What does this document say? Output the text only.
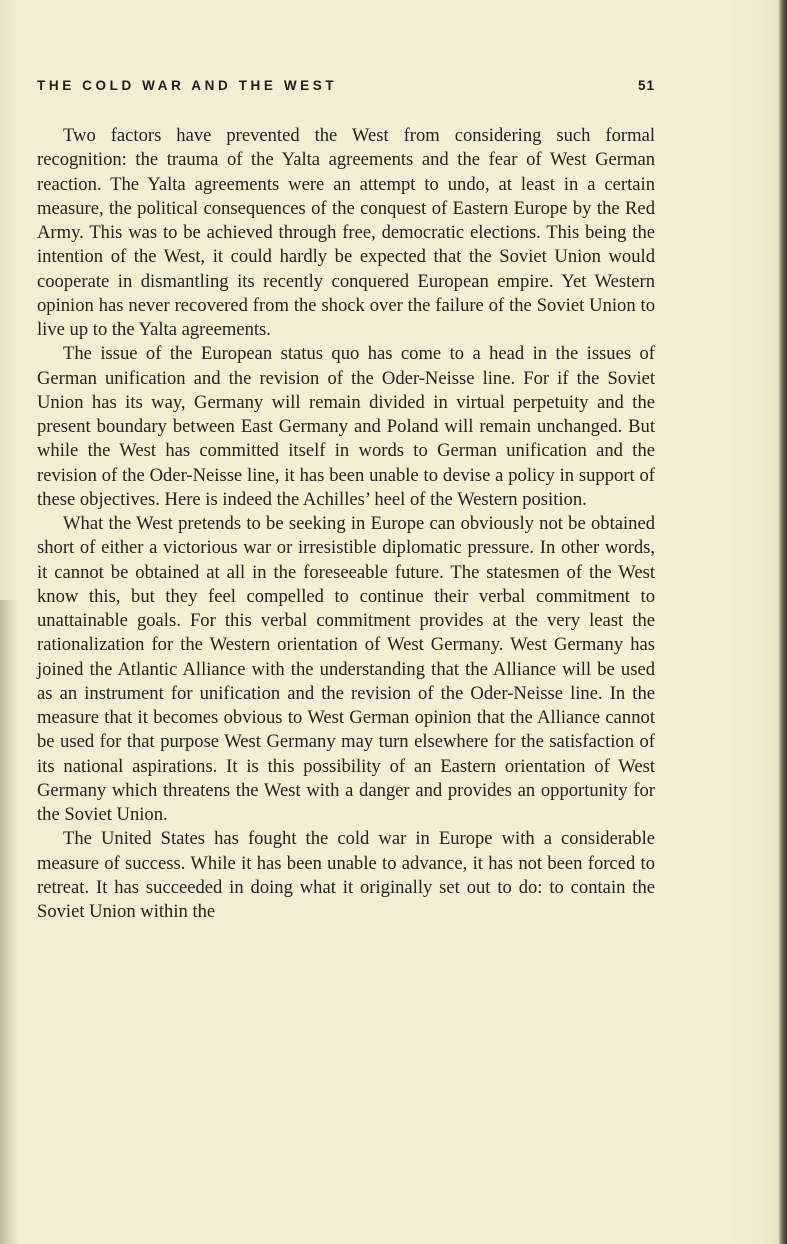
THE COLD WAR AND THE WEST	51

Two factors have prevented the West from considering such formal recognition: the trauma of the Yalta agreements and the fear of West German reaction. The Yalta agreements were an attempt to undo, at least in a certain measure, the political consequences of the conquest of Eastern Europe by the Red Army. This was to be achieved through free, democratic elections. This being the intention of the West, it could hardly be expected that the Soviet Union would cooperate in dismantling its recently conquered European empire. Yet Western opinion has never recovered from the shock over the failure of the Soviet Union to live up to the Yalta agreements.

The issue of the European status quo has come to a head in the issues of German unification and the revision of the Oder-Neisse line. For if the Soviet Union has its way, Germany will remain divided in virtual perpetuity and the present boundary between East Germany and Poland will remain unchanged. But while the West has committed itself in words to German unification and the revision of the Oder-Neisse line, it has been unable to devise a policy in support of these objectives. Here is indeed the Achilles’ heel of the Western position.

What the West pretends to be seeking in Europe can obviously not be obtained short of either a victorious war or irresistible diplomatic pressure. In other words, it cannot be obtained at all in the foreseeable future. The statesmen of the West know this, but they feel compelled to continue their verbal commitment to unattainable goals. For this verbal commitment provides at the very least the rationalization for the Western orientation of West Germany. West Germany has joined the Atlantic Alliance with the understanding that the Alliance will be used as an instrument for unification and the revision of the Oder-Neisse line. In the measure that it becomes obvious to West German opinion that the Alliance cannot be used for that purpose West Germany may turn elsewhere for the satisfaction of its national aspirations. It is this possibility of an Eastern orientation of West Germany which threatens the West with a danger and provides an opportunity for the Soviet Union.

The United States has fought the cold war in Europe with a considerable measure of success. While it has been unable to advance, it has not been forced to retreat. It has succeeded in doing what it originally set out to do: to contain the Soviet Union within the
